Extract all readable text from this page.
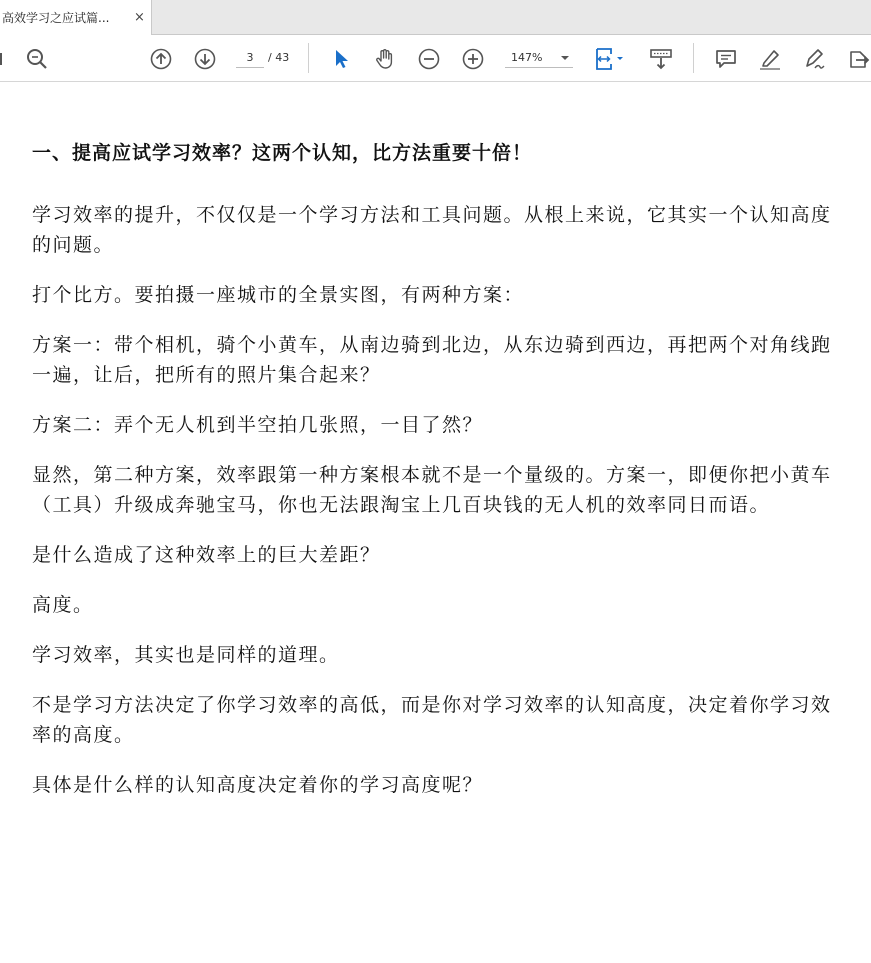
高效学习之应试篇...	×
3	/ 43	147%
一、提高应试学习效率？这两个认知，比方法重要十倍！
学习效率的提升，不仅仅是一个学习方法和工具问题。从根上来说，它其实一个认知高度的问题。
打个比方。要拍摄一座城市的全景实图，有两种方案：
方案一：带个相机，骑个小黄车，从南边骑到北边，从东边骑到西边，再把两个对角线跑一遍，让后，把所有的照片集合起来？
方案二：弄个无人机到半空拍几张照，一目了然？
显然，第二种方案，效率跟第一种方案根本就不是一个量级的。方案一，即便你把小黄车（工具）升级成奔驰宝马，你也无法跟淘宝上几百块钱的无人机的效率同日而语。
是什么造成了这种效率上的巨大差距？
高度。
学习效率，其实也是同样的道理。
不是学习方法决定了你学习效率的高低，而是你对学习效率的认知高度，决定着你学习效率的高度。
具体是什么样的认知高度决定着你的学习高度呢？
